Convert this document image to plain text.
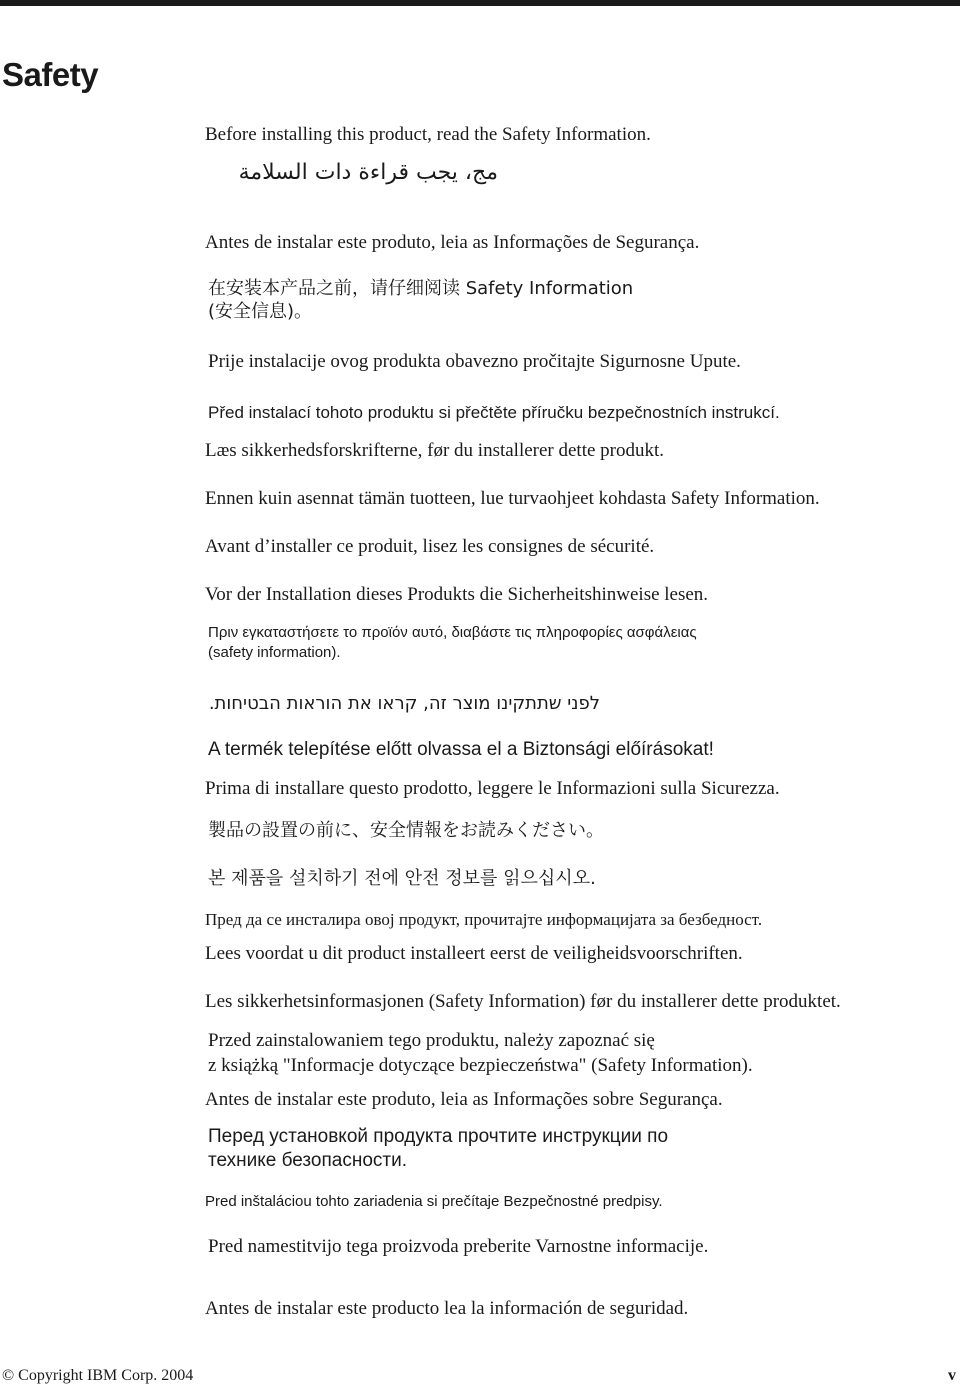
Safety

Before installing this product, read the Safety Information.

مج، يجب قراءة دات السلامة

Antes de instalar este produto, leia as Informações de Segurança.

在安装本产品之前，请仔细阅读 Safety Information
(安全信息)。

Prije instalacije ovog produkta obavezno pročitajte Sigurnosne Upute.

Před instalací tohoto produktu si přečtěte příručku bezpečnostních instrukcí.

Læs sikkerhedsforskrifterne, før du installerer dette produkt.

Ennen kuin asennat tämän tuotteen, lue turvaohjeet kohdasta Safety Information.

Avant d’installer ce produit, lisez les consignes de sécurité.

Vor der Installation dieses Produkts die Sicherheitshinweise lesen.

Πριν εγκαταστήσετε το προϊόν αυτό, διαβάστε τις πληροφορίες ασφάλειας
(safety information).

לפני שתתקינו מוצר זה, קראו את הוראות הבטיחות.

A termék telepítése előtt olvassa el a Biztonsági előírásokat!

Prima di installare questo prodotto, leggere le Informazioni sulla Sicurezza.

製品の設置の前に、安全情報をお読みください。

본 제품을 설치하기 전에 안전 정보를 읽으십시오.

Пред да се инсталира овој продукт, прочитајте информацијата за безбедност.

Lees voordat u dit product installeert eerst de veiligheidsvoorschriften.

Les sikkerhetsinformasjonen (Safety Information) før du installerer dette produktet.

Przed zainstalowaniem tego produktu, należy zapoznać się
z książką "Informacje dotyczące bezpieczeństwa" (Safety Information).

Antes de instalar este produto, leia as Informações sobre Segurança.

Перед установкой продукта прочтите инструкции по
технике безопасности.

Pred inštaláciou tohto zariadenia si prečítaje Bezpečnostné predpisy.

Pred namestitvijo tega proizvoda preberite Varnostne informacije.

Antes de instalar este producto lea la información de seguridad.

© Copyright IBM Corp. 2004	v
